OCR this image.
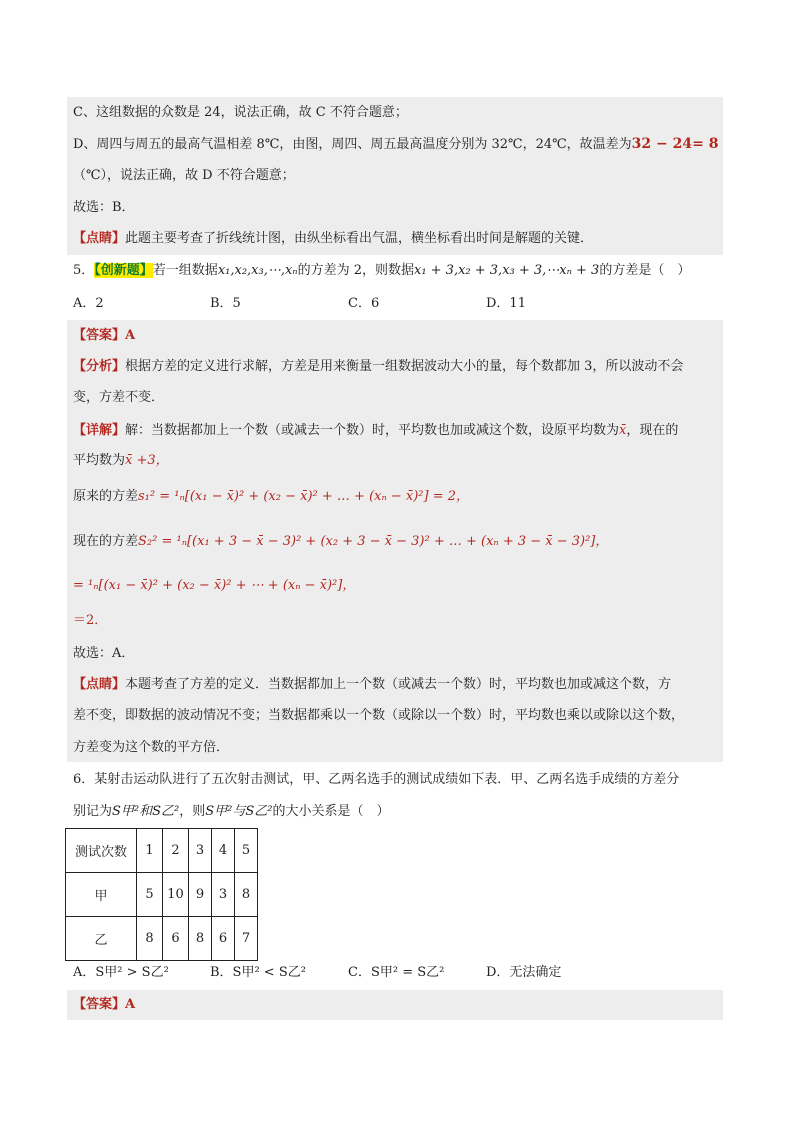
C、这组数据的众数是 24，说法正确，故 C 不符合题意；
D、周四与周五的最高气温相差 8℃，由图，周四、周五最高温度分别为 32℃，24℃，故温差为32 − 24= 8
（℃），说法正确，故 D 不符合题意；
故选：B．
【点睛】此题主要考查了折线统计图，由纵坐标看出气温，横坐标看出时间是解题的关键．
5．【创新题】若一组数据x₁,x₂,x₃,⋯,xₙ的方差为 2，则数据x₁ + 3,x₂ + 3,x₃ + 3,⋯xₙ + 3的方差是（　）
A．2	B．5	C．6	D．11
【答案】A
【分析】根据方差的定义进行求解，方差是用来衡量一组数据波动大小的量，每个数都加 3，所以波动不会
变，方差不变．
【详解】解：当数据都加上一个数（或减去一个数）时，平均数也加或减这个数，设原平均数为x̄，现在的
平均数为x̄ +3，
原来的方差s₁² = ¹ₙ[(x₁ − x̄)² + (x₂ − x̄)² + … + (xₙ − x̄)²] = 2，
现在的方差S₂² = ¹ₙ[(x₁ + 3 − x̄ − 3)² + (x₂ + 3 − x̄ − 3)² + … + (xₙ + 3 − x̄ − 3)²]，
= ¹ₙ[(x₁ − x̄)² + (x₂ − x̄)² + ⋯ + (xₙ − x̄)²]，
＝2．
故选：A．
【点睛】本题考查了方差的定义．当数据都加上一个数（或减去一个数）时，平均数也加或减这个数，方
差不变，即数据的波动情况不变；当数据都乘以一个数（或除以一个数）时，平均数也乘以或除以这个数，
方差变为这个数的平方倍．
6．某射击运动队进行了五次射击测试，甲、乙两名选手的测试成绩如下表．甲、乙两名选手成绩的方差分
别记为S甲²和S乙²，则S甲²与S乙²的大小关系是（　）
测试次数	1	2	3	4	5
甲	5	10	9	3	8
乙	8	6	8	6	7
A．S甲² > S乙²	B．S甲² < S乙²	C．S甲² = S乙²	D．无法确定
【答案】A
